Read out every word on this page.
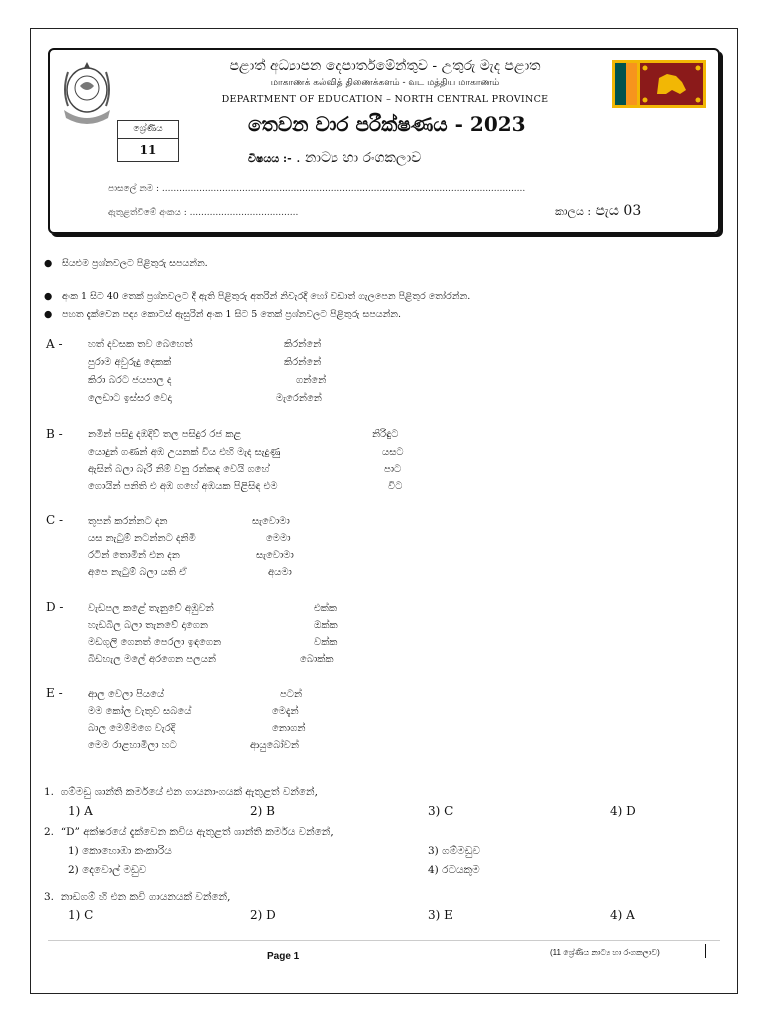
පළාත් අධ්‍යාපන දෙපාර්තමේන්තුව - උතුරු මැද පළාත
மாகாணக் கல்வித் திணைக்களம் - வட மத்திய மாகாணம்
DEPARTMENT OF EDUCATION – NORTH CENTRAL PROVINCE
ශ්‍රේණිය
11
තෙවන වාර පරීක්ෂණය - 2023
විෂයය :- . නාට්‍ය හා රංගකලාව
පාසලේ නම : ...............................................................................................................................
ඇතුළත්වීමේ අංකය : ......................................	කාලය : පැය 03
● සියළුම ප්‍රශ්නවලට පිළිතුරු සපයන්න.
● අංක 1 සිට 40 තෙක් ප්‍රශ්නවලට දී ඇති පිළිතුරු අතරින් නිවැරදි හෝ වඩාත් ගැලපෙන පිළිතුර තෝරන්න.
● පහත දැක්වෙන පද්‍ය කොටස් ඇසුරින් අංක 1 සිට 5 තෙක් ප්‍රශ්නවලට පිළිතුරු සපයන්න.
A -	හත් දවසක තව බෙහෙත්	කිරන්නේ
පුරාම අවුරුදු දෙකක්	කිරන්නේ
කිරා බරට ජයපාල ද	ගන්නේ
ලෙඩාට ඉස්සර වෙදා	මැරෙන්නේ
B -	නමින් පසිදු දඹදිව් තල පසිදුර රජ කළ	නිරිඳුට
යොදුන් ගණන් අඹ උයනක් විය එහි මැද සැදුණු	යසට
ඇසින් බලා බැරි නිම් වනු රන්කඳ වෙයි ගහේ	පාට
ගොයින් පනිති එ අඹ ගහේ අඹයක පිළිසිඳ එම	විට
C - තුපන් කරන්නට දන	සැවොමා
යස නැටුම් නටන්නට දනිමි	මෙමා
රටින් තොමින් එන දන	සැවොමා
අපෙ නැටුම් බලා යති ඒ	අයමා
D - වැඩපල කළේ තැනුවේ අඹුවන්	එක්ක
හැඩබිල බලා තැනවේ දාගෙන	ඔක්ක
මඩගුලි ගෙනත් පෙරලා ඉඳගෙන	වක්ක
බිඩහැල මලේ අරගෙන පලයන්	බොක්ක
E -	ආල වෙලා පියයේ	පටන්
මම කෝල වැතුව සබයේ	මෙදැන්
බාල මෙම්මගෙ වැරදි	නොගන්
මෙම රාළහාමිලා හට	ආයුබෝවන්
1. ගම්මඩු ශාන්ති කර්මයේ එන ගායනාංගයක් ඇතුළත් වන්නේ,
1) A	2) B	3) C	4) D
2. “D” අක්ෂරයේ දැක්වෙන කවිය ඇතුළත් ශාන්ති කර්මය වන්නේ,
1) කොහොඹා කංකාරිය	3) ගම්මඩුව
2) දෙවොල් මඩුව	4) රටයකුම
3. නාඩගම් හි එන කවි ගායනයක් වන්නේ,
1) C	2) D	3) E	4) A
Page 1	(11 ශ්‍රේණිය නාට්‍ය හා රංගකලාව)
